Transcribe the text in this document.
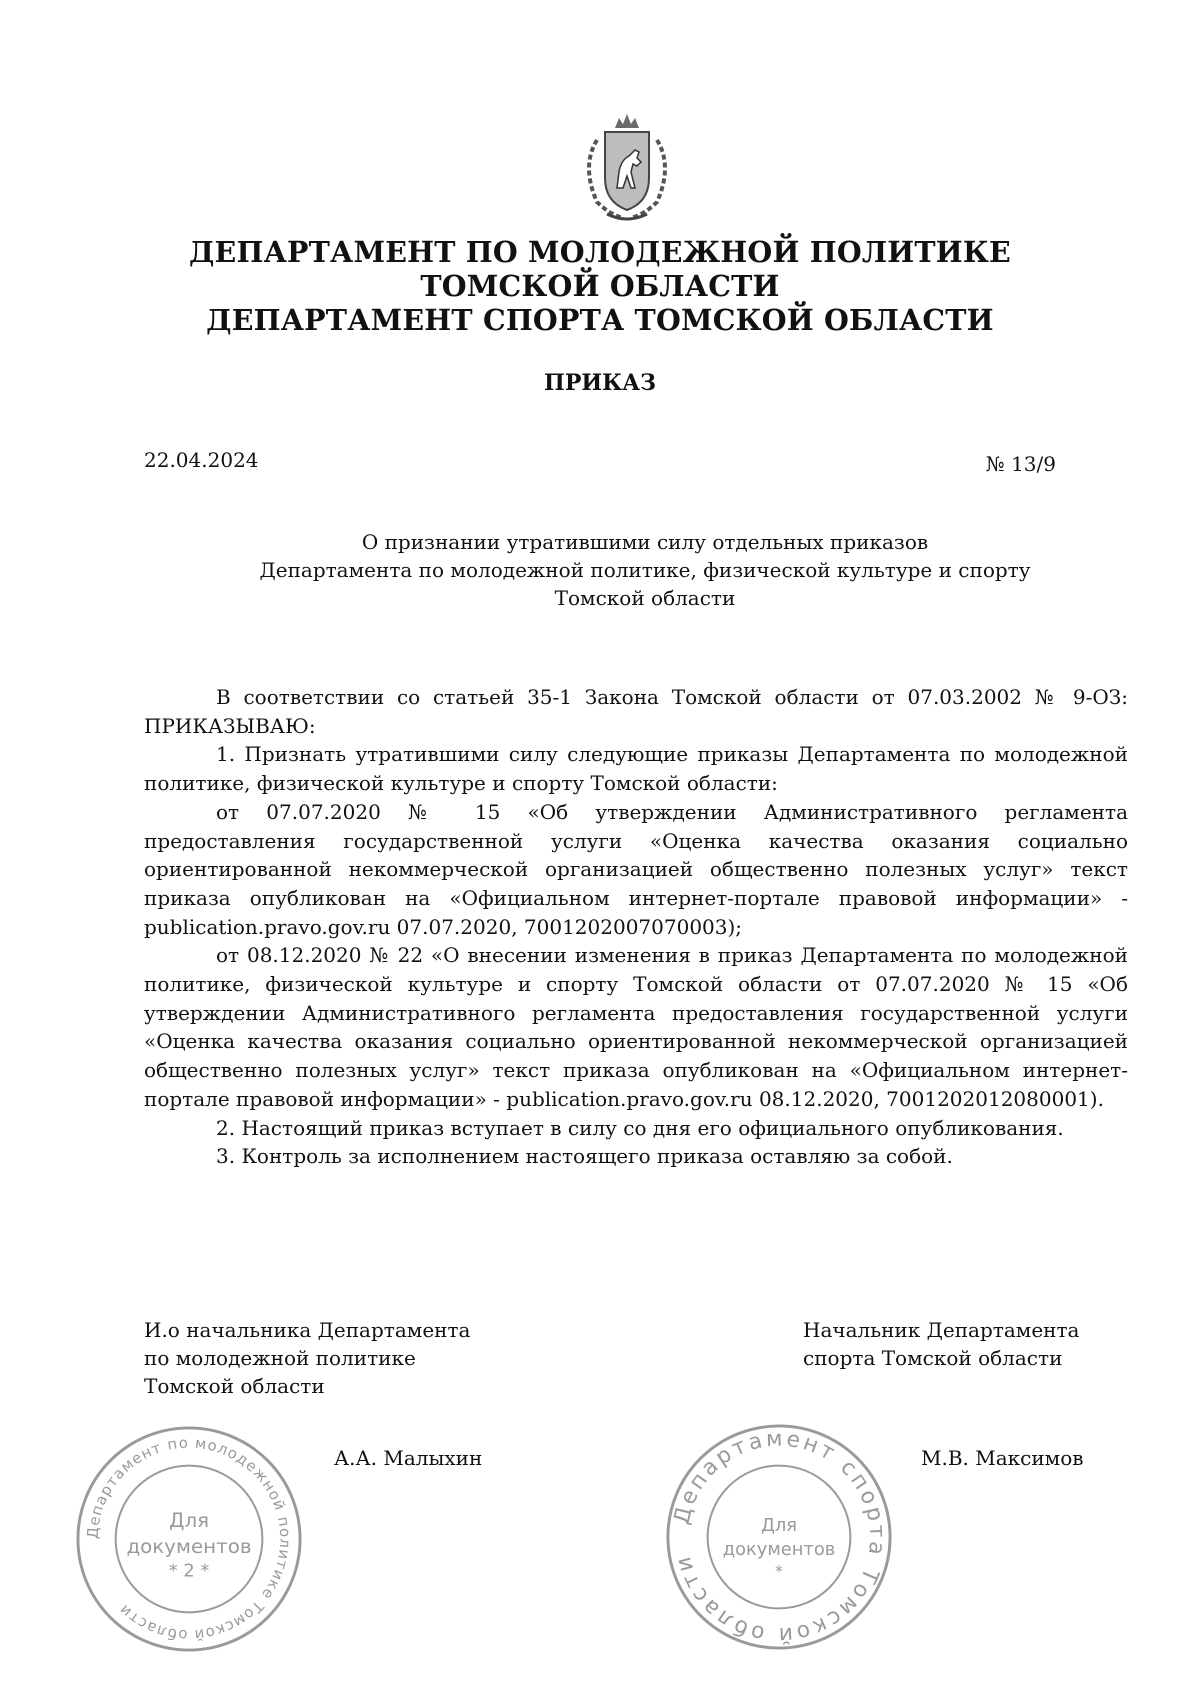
ДЕПАРТАМЕНТ ПО МОЛОДЕЖНОЙ ПОЛИТИКЕ
ТОМСКОЙ ОБЛАСТИ
ДЕПАРТАМЕНТ СПОРТА ТОМСКОЙ ОБЛАСТИ
ПРИКАЗ
22.04.2024	№ 13/9
О признании утратившими силу отдельных приказов
Департамента по молодежной политике, физической культуре и спорту
Томской области

В соответствии со статьей 35-1 Закона Томской области от 07.03.2002 № 9-ОЗ: ПРИКАЗЫВАЮ:

1. Признать утратившими силу следующие приказы Департамента по молодежной политике, физической культуре и спорту Томской области:

от 07.07.2020 № 15 «Об утверждении Административного регламента предоставления государственной услуги «Оценка качества оказания социально ориентированной некоммерческой организацией общественно полезных услуг» текст приказа опубликован на «Официальном интернет-портале правовой информации» - publication.pravo.gov.ru 07.07.2020, 7001202007070003);

от 08.12.2020 № 22 «О внесении изменения в приказ Департамента по молодежной политике, физической культуре и спорту Томской области от 07.07.2020 № 15 «Об утверждении Административного регламента предоставления государственной услуги «Оценка качества оказания социально ориентированной некоммерческой организацией общественно полезных услуг» текст приказа опубликован на «Официальном интернет-портале правовой информации» - publication.pravo.gov.ru 08.12.2020, 7001202012080001).

2. Настоящий приказ вступает в силу со дня его официального опубликования.

3. Контроль за исполнением настоящего приказа оставляю за собой.

И.о начальника Департамента
по молодежной политике
Томской области
Начальник Департамента
спорта Томской области
А.А. Малыхин	М.В. Максимов
Департамент по молодежной политике Томской области
Для
документов
* 2 *
Департамент спорта Томской области
Для
документов
*
